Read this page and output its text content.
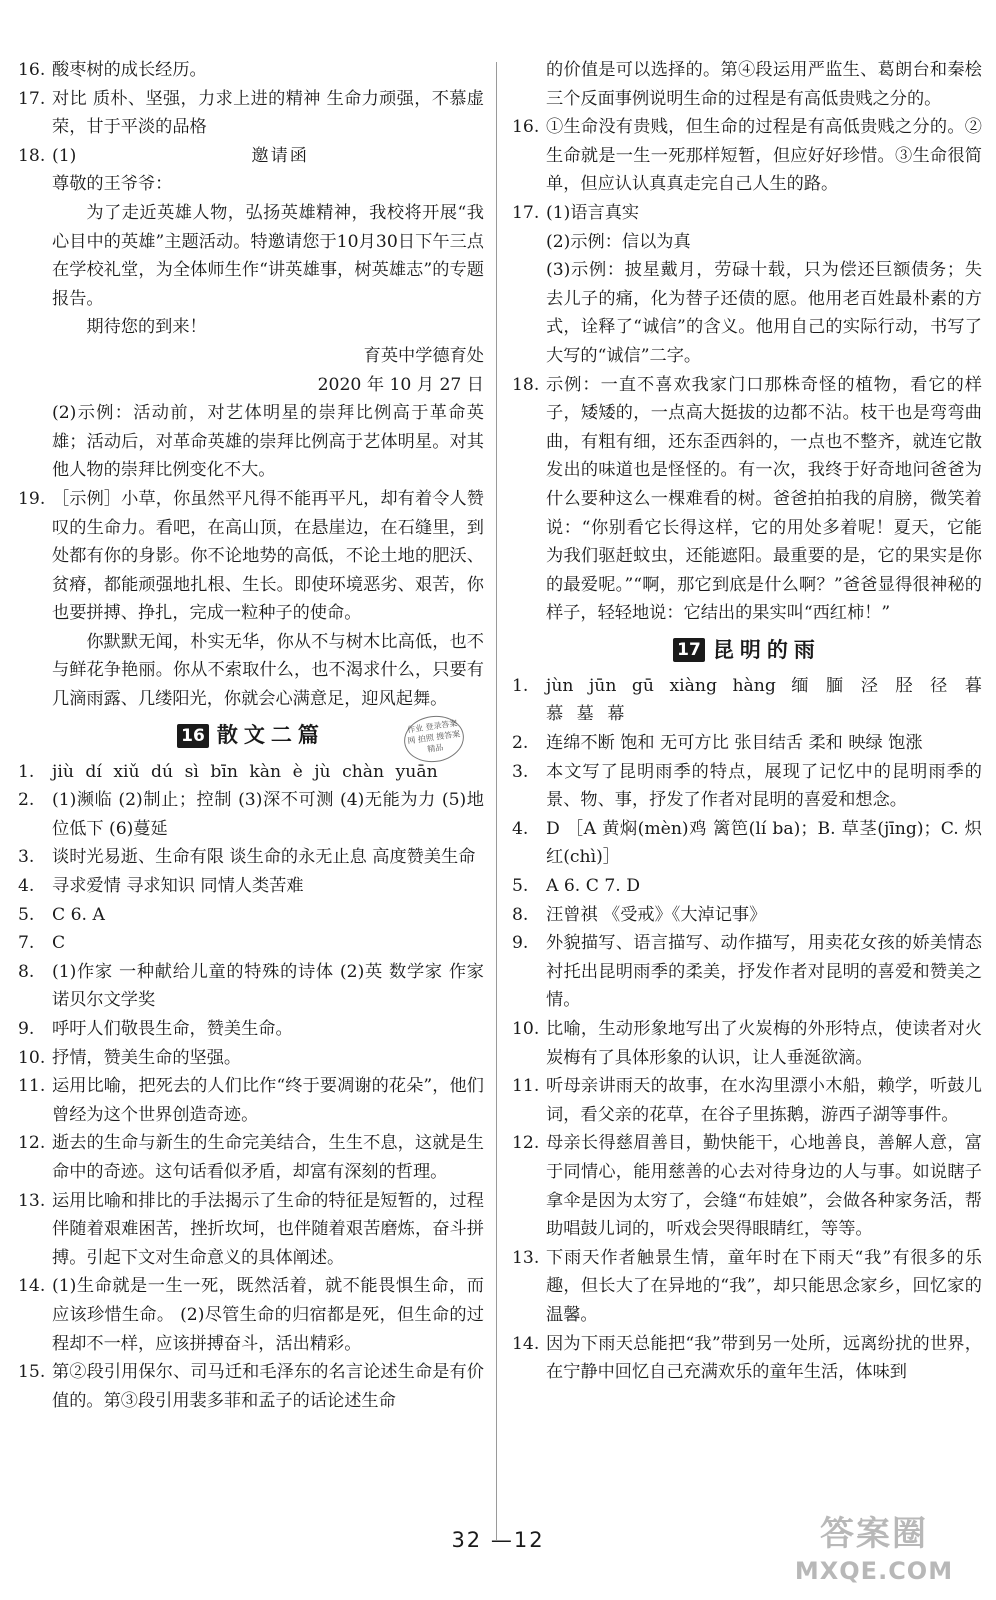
16. 酸枣树的成长经历。
17. 对比 质朴、坚强，力求上进的精神 生命力顽强，不慕虚荣，甘于平淡的品格
18. (1)	邀请函
尊敬的王爷爷：
为了走近英雄人物，弘扬英雄精神，我校将开展“我心目中的英雄”主题活动。特邀请您于10月30日下午三点在学校礼堂，为全体师生作“讲英雄事，树英雄志”的专题报告。
期待您的到来！
育英中学德育处
2020 年 10 月 27 日
(2)示例：活动前，对艺体明星的崇拜比例高于革命英雄；活动后，对革命英雄的崇拜比例高于艺体明星。对其他人物的崇拜比例变化不大。
19. ［示例］小草，你虽然平凡得不能再平凡，却有着令人赞叹的生命力。看吧，在高山顶，在悬崖边，在石缝里，到处都有你的身影。你不论地势的高低，不论土地的肥沃、贫瘠，都能顽强地扎根、生长。即使环境恶劣、艰苦，你也要拼搏、挣扎，完成一粒种子的使命。
你默默无闻，朴实无华，你从不与树木比高低，也不与鲜花争艳丽。你从不索取什么，也不渴求什么，只要有几滴雨露、几缕阳光，你就会心满意足，迎风起舞。
16 散文二篇
1.	jiù dí xiǔ dú sì bīn kàn è jù chàn yuān
2.	(1)濒临 (2)制止；控制 (3)深不可测 (4)无能为力 (5)地位低下 (6)蔓延
3.	谈时光易逝、生命有限 谈生命的永无止息 高度赞美生命
4.	寻求爱情 寻求知识 同情人类苦难
5.	C 6. A
7.	C
8.	(1)作家 一种献给儿童的特殊的诗体 (2)英 数学家 作家 诺贝尔文学奖
9.	呼吁人们敬畏生命，赞美生命。
10. 抒情，赞美生命的坚强。
11. 运用比喻，把死去的人们比作“终于要凋谢的花朵”，他们曾经为这个世界创造奇迹。
12. 逝去的生命与新生的生命完美结合，生生不息，这就是生命中的奇迹。这句话看似矛盾，却富有深刻的哲理。
13. 运用比喻和排比的手法揭示了生命的特征是短暂的，过程伴随着艰难困苦，挫折坎坷，也伴随着艰苦磨炼，奋斗拼搏。引起下文对生命意义的具体阐述。
14. (1)生命就是一生一死，既然活着，就不能畏惧生命，而应该珍惜生命。 (2)尽管生命的归宿都是死，但生命的过程却不一样，应该拼搏奋斗，活出精彩。
15. 第②段引用保尔、司马迁和毛泽东的名言论述生命是有价值的。第③段引用裴多菲和孟子的话论述生命
作业 登录答案网 拍照 搜答案 精品
的价值是可以选择的。第④段运用严监生、葛朗台和秦桧三个反面事例说明生命的过程是有高低贵贱之分的。
16. ①生命没有贵贱，但生命的过程是有高低贵贱之分的。②生命就是一生一死那样短暂，但应好好珍惜。③生命很简单，但应认认真真走完自己人生的路。
17. (1)语言真实
(2)示例：信以为真
(3)示例：披星戴月，劳碌十载，只为偿还巨额债务；失去儿子的痛，化为替子还债的愿。他用老百姓最朴素的方式，诠释了“诚信”的含义。他用自己的实际行动，书写了大写的“诚信”二字。
18. 示例：一直不喜欢我家门口那株奇怪的植物，看它的样子，矮矮的，一点高大挺拔的边都不沾。枝干也是弯弯曲曲，有粗有细，还东歪西斜的，一点也不整齐，就连它散发出的味道也是怪怪的。有一次，我终于好奇地问爸爸为什么要种这么一棵难看的树。爸爸拍拍我的肩膀，微笑着说：“你别看它长得这样，它的用处多着呢！夏天，它能为我们驱赶蚊虫，还能遮阳。最重要的是，它的果实是你的最爱呢。”“啊，那它到底是什么啊？”爸爸显得很神秘的样子，轻轻地说：它结出的果实叫“西红柿！”
17 昆明的雨
1.	jùn jūn gū xiàng hàng 缅 腼 泾 胫 径 暮 慕 墓 幕
2.	连绵不断 饱和 无可方比 张目结舌 柔和 映绿 饱涨
3.	本文写了昆明雨季的特点，展现了记忆中的昆明雨季的景、物、事，抒发了作者对昆明的喜爱和想念。
4.	D ［A 黄焖(mèn)鸡 篱笆(lí ba)；B. 草茎(jīng)；C. 炽红(chì)］
5.	A 6. C 7. D
8.	汪曾祺 《受戒》《大淖记事》
9.	外貌描写、语言描写、动作描写，用卖花女孩的娇美情态衬托出昆明雨季的柔美，抒发作者对昆明的喜爱和赞美之情。
10. 比喻，生动形象地写出了火炭梅的外形特点，使读者对火炭梅有了具体形象的认识，让人垂涎欲滴。
11. 听母亲讲雨天的故事，在水沟里漂小木船，赖学，听鼓儿词，看父亲的花草，在谷子里拣鹅，游西子湖等事件。
12. 母亲长得慈眉善目，勤快能干，心地善良，善解人意，富于同情心，能用慈善的心去对待身边的人与事。如说瞎子拿伞是因为太穷了，会缝“布娃娘”，会做各种家务活，帮助唱鼓儿词的，听戏会哭得眼睛红，等等。
13. 下雨天作者触景生情，童年时在下雨天“我”有很多的乐趣，但长大了在异地的“我”，却只能思念家乡，回忆家的温馨。
14. 因为下雨天总能把“我”带到另一处所，远离纷扰的世界，在宁静中回忆自己充满欢乐的童年生活，体味到
32 —12	答案圈
MXQE.COM
